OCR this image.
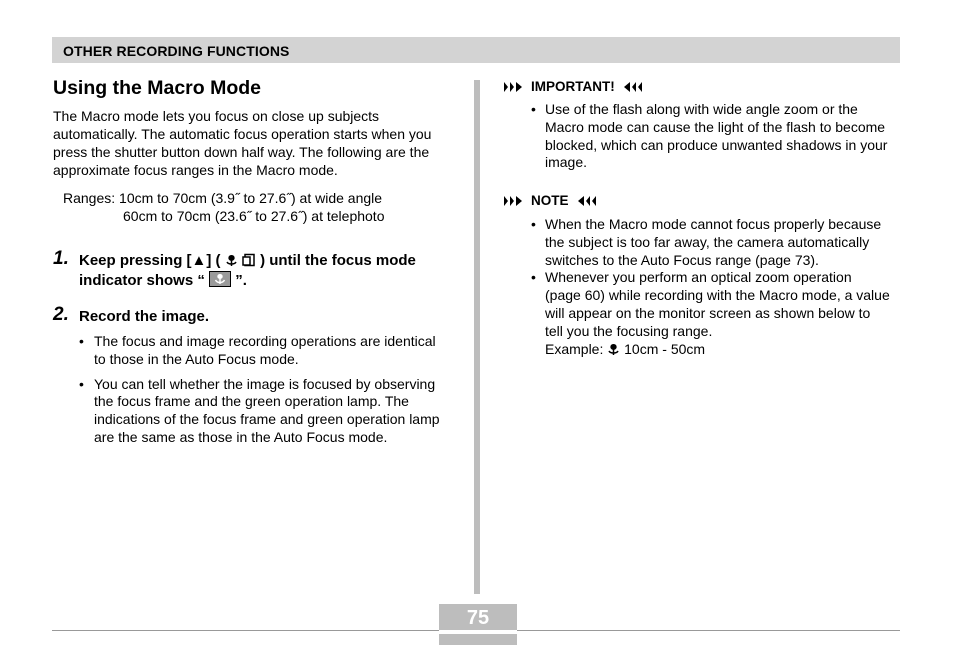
OTHER RECORDING FUNCTIONS
Using the Macro Mode

The Macro mode lets you focus on close up subjects automatically. The automatic focus operation starts when you press the shutter button down half way. The following are the approximate focus ranges in the Macro mode.

Ranges: 10cm to 70cm (3.9˝ to 27.6˝) at wide angle
60cm to 70cm (23.6˝ to 27.6˝) at telephoto
1. Keep pressing [▲] (	) until the focus mode indicator shows “ ”.
2. Record the image.
• The focus and image recording operations are identical to those in the Auto Focus mode.
• You can tell whether the image is focused by observing the focus frame and the green operation lamp. The indications of the focus frame and green operation lamp are the same as those in the Auto Focus mode.
IMPORTANT!
• Use of the flash along with wide angle zoom or the Macro mode can cause the light of the flash to become blocked, which can produce unwanted shadows in your image.
NOTE
• When the Macro mode cannot focus properly because the subject is too far away, the camera automatically switches to the Auto Focus range (page 73).
• Whenever you perform an optical zoom operation (page 60) while recording with the Macro mode, a value will appear on the monitor screen as shown below to tell you the focusing range.
Example: 10cm - 50cm
75
